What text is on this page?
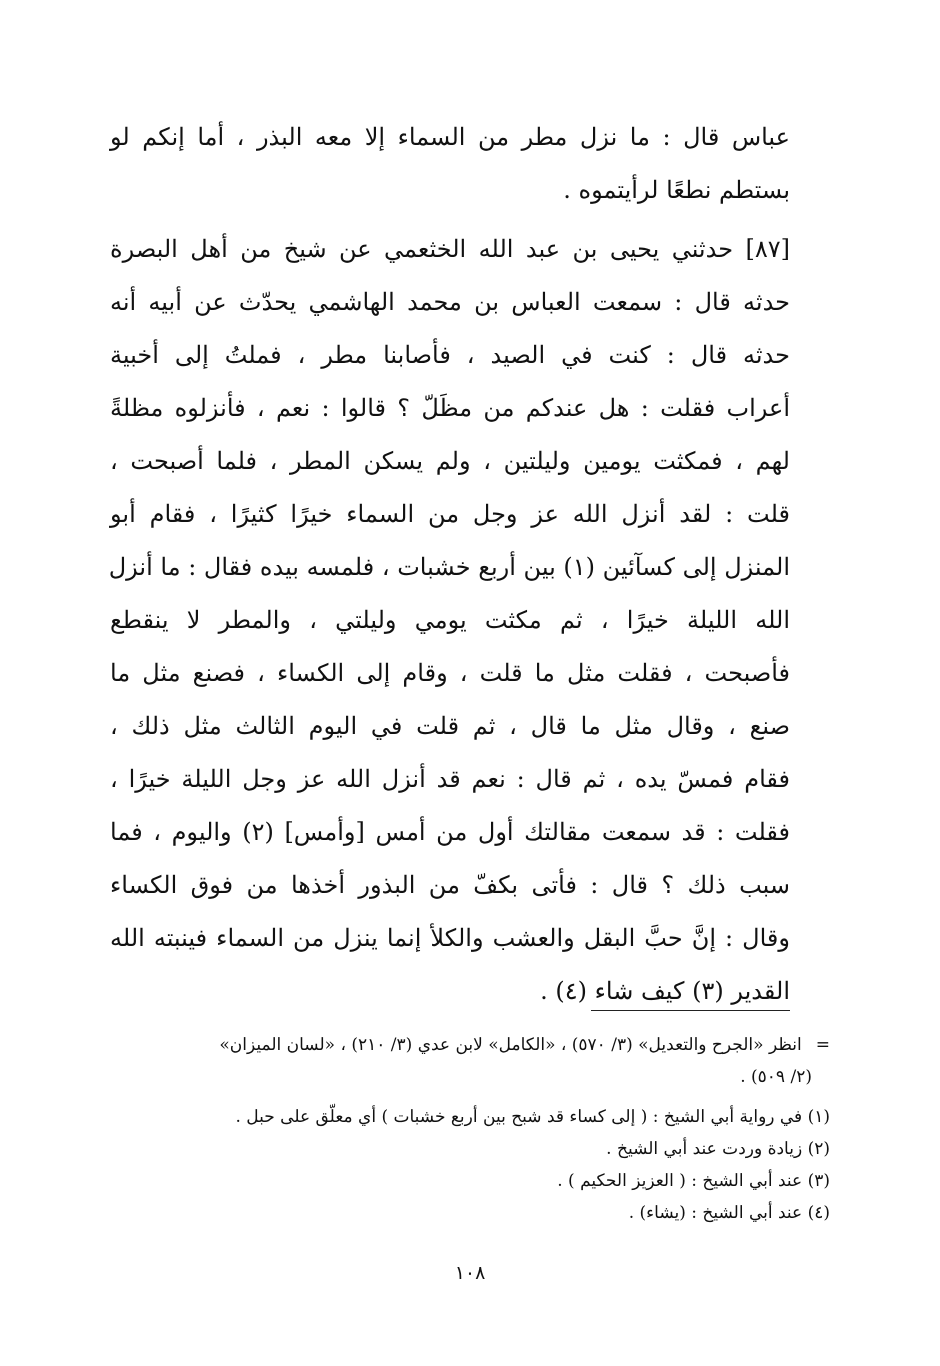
عباس قال : ما نزل مطر من السماء إلا معه البذر ، أما إنكم لو
بستطم نطعًا لرأيتموه .
[٨٧] حدثني يحيى بن عبد الله الخثعمي عن شيخ من أهل البصرة
حدثه قال : سمعت العباس بن محمد الهاشمي يحدّث عن أبيه أنه
حدثه قال : كنت في الصيد ، فأصابنا مطر ، فملتُ إلى أخبية
أعراب فقلت : هل عندكم من مظَلّ ؟ قالوا : نعم ، فأنزلوه مظلةً
لهم ، فمكثت يومين وليلتين ، ولم يسكن المطر ، فلما أصبحت ،
قلت : لقد أنزل الله عز وجل من السماء خيرًا كثيرًا ، فقام أبو
المنزل إلى كسآئين (١) بين أربع خشبات ، فلمسه بيده فقال : ما أنزل
الله الليلة خيرًا ، ثم مكثت يومي وليلتي ، والمطر لا ينقطع
فأصبحت ، فقلت مثل ما قلت ، وقام إلى الكساء ، فصنع مثل ما
صنع ، وقال مثل ما قال ، ثم قلت في اليوم الثالث مثل ذلك ،
فقام فمسّ يده ، ثم قال : نعم قد أنزل الله عز وجل الليلة خيرًا ،
فقلت : قد سمعت مقالتك أول من أمس [وأمس] (٢) واليوم ، فما
سبب ذلك ؟ قال : فأتى بكفّ من البذور أخذها من فوق الكساء
وقال : إنَّ حبَّ البقل والعشب والكلأ إنما ينزل من السماء فينبته الله
القدير (٣) كيف شاء (٤) .
=انظر «الجرح والتعديل» (٣/ ٥٧٠) ، «الكامل» لابن عدي (٣/ ٢١٠) ، «لسان الميزان»
(٢/ ٥٠٩) .
(١) في رواية أبي الشيخ : ( إلى كساء قد شبح بين أربع خشبات ) أي معلّق على حبل .
(٢) زيادة وردت عند أبي الشيخ .
(٣) عند أبي الشيخ : ( العزيز الحكيم ) .
(٤) عند أبي الشيخ : (يشاء) .
١٠٨
